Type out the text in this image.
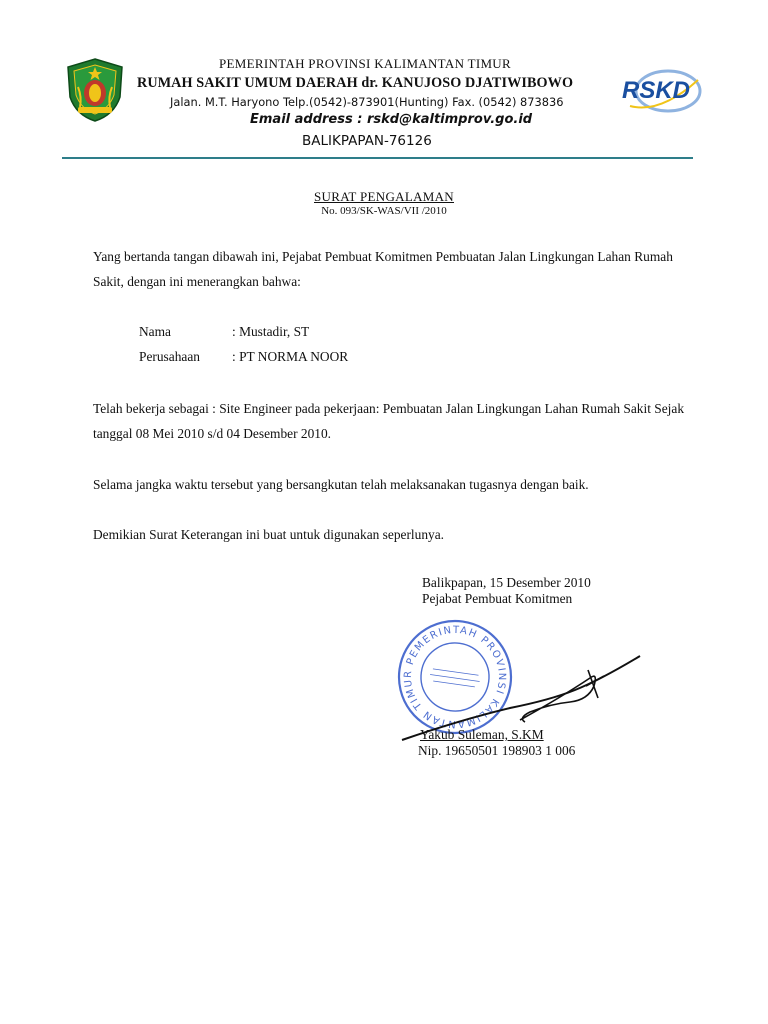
PEMERINTAH PROVINSI KALIMANTAN TIMUR
RUMAH SAKIT UMUM DAERAH dr. KANUJOSO DJATIWIBOWO
Jalan. M.T. Haryono Telp.(0542)-873901(Hunting) Fax. (0542) 873836
Email address : rskd@kaltimprov.go.id
BALIKPAPAN-76126
RSKD
SURAT PENGALAMAN
No. 093/SK-WAS/VII /2010
Yang bertanda tangan dibawah ini, Pejabat Pembuat Komitmen Pembuatan Jalan Lingkungan Lahan Rumah Sakit, dengan ini menerangkan bahwa:
Nama	: Mustadir, ST
Perusahaan : PT NORMA NOOR
Telah bekerja sebagai : Site Engineer pada pekerjaan: Pembuatan Jalan Lingkungan Lahan Rumah Sakit Sejak tanggal 08 Mei 2010 s/d 04 Desember 2010.
Selama jangka waktu tersebut yang bersangkutan telah melaksanakan tugasnya dengan baik.
Demikian Surat Keterangan ini buat untuk digunakan seperlunya.
Balikpapan, 15 Desember 2010
Pejabat Pembuat Komitmen
PEMERINTAH PROVINSI KALIMANTAN TIMUR
Yakub Suleman, S.KM
Nip. 19650501 198903 1 006
